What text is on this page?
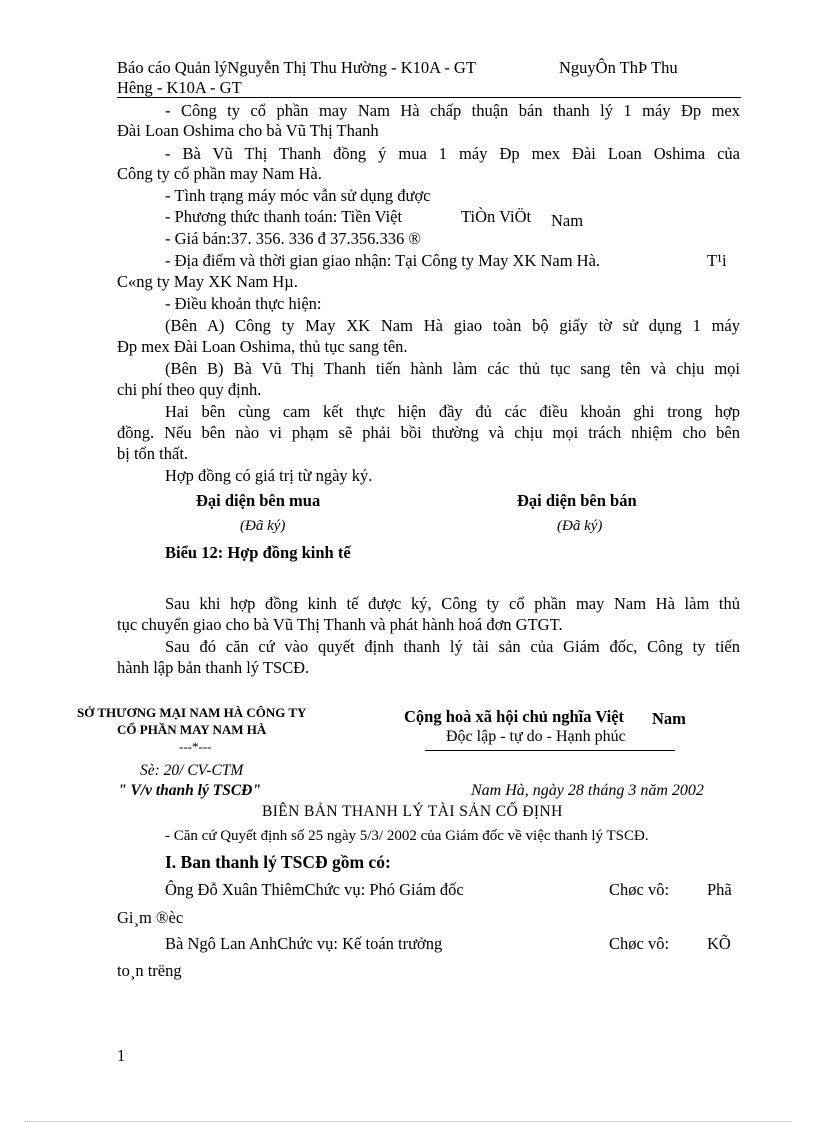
Báo cáo Quản lýNguyễn Thị Thu Hường - K10A - GT	NguyÔn ThÞ Thu
Hêng - K10A - GT
- Công ty cổ phần may Nam Hà chấp thuận bán thanh lý 1 máy Đp mex
Đài Loan Oshima cho bà Vũ Thị Thanh
- Bà Vũ Thị Thanh đồng ý mua 1 máy Đp mex Đài Loan Oshima của
Công ty cổ phần may Nam Hà.
- Tình trạng máy móc vẫn sử dụng được
- Phương thức thanh toán: Tiền Việt	TiÒn ViÖt Nam
- Giá bán:37. 356. 336 đ 37.356.336 ®
- Địa điểm và thời gian giao nhận: Tại Công ty May XK Nam Hà.	T¹i
C«ng ty May XK Nam Hµ.
- Điều khoản thực hiện:
(Bên A) Công ty May XK Nam Hà giao toàn bộ giấy tờ sử dụng 1 máy
Đp mex Đài Loan Oshima, thủ tục sang tên.
(Bên B) Bà Vũ Thị Thanh tiến hành làm các thủ tục sang tên và chịu mọi
chi phí theo quy định.
Hai bên cùng cam kết thực hiện đầy đủ các điều khoản ghi trong hợp
đồng. Nếu bên nào vi phạm sẽ phải bồi thường và chịu mọi trách nhiệm cho bên
bị tổn thất.
Hợp đồng có giá trị từ ngày ký.
Đại diện bên mua	Đại diện bên bán
(Đã ký)	(Đã ký)
Biểu 12: Hợp đồng kinh tế
Sau khi hợp đồng kinh tế được ký, Công ty cổ phần may Nam Hà làm thủ
tục chuyển giao cho bà Vũ Thị Thanh và phát hành hoá đơn GTGT.
Sau đó căn cứ vào quyết định thanh lý tài sản của Giám đốc, Công ty tiến
hành lập bản thanh lý TSCĐ.
SỞ THƯƠNG MẠI NAM HÀ CÔNG TY
CỔ PHẦN MAY NAM HÀ
---*---
Cộng hoà xã hội chủ nghĩa Việt Nam
Độc lập - tự do - Hạnh phúc
Sè: 20/ CV-CTM
" V/v thanh lý TSCĐ"	Nam Hà, ngày 28 tháng 3 năm 2002
BIÊN BẢN THANH LÝ TÀI SẢN CỐ ĐỊNH
- Căn cứ Quyết định số 25 ngày 5/3/ 2002 của Giám đốc về việc thanh lý TSCĐ.
I. Ban thanh lý TSCĐ gồm có:
Ông Đỗ Xuân ThiêmChức vụ: Phó Giám đốc	Chøc vô: Phã
Gi¸m ®èc
Bà Ngô Lan AnhChức vụ: Kế toán trưởng	Chøc vô: KÕ
to¸n trëng
1
